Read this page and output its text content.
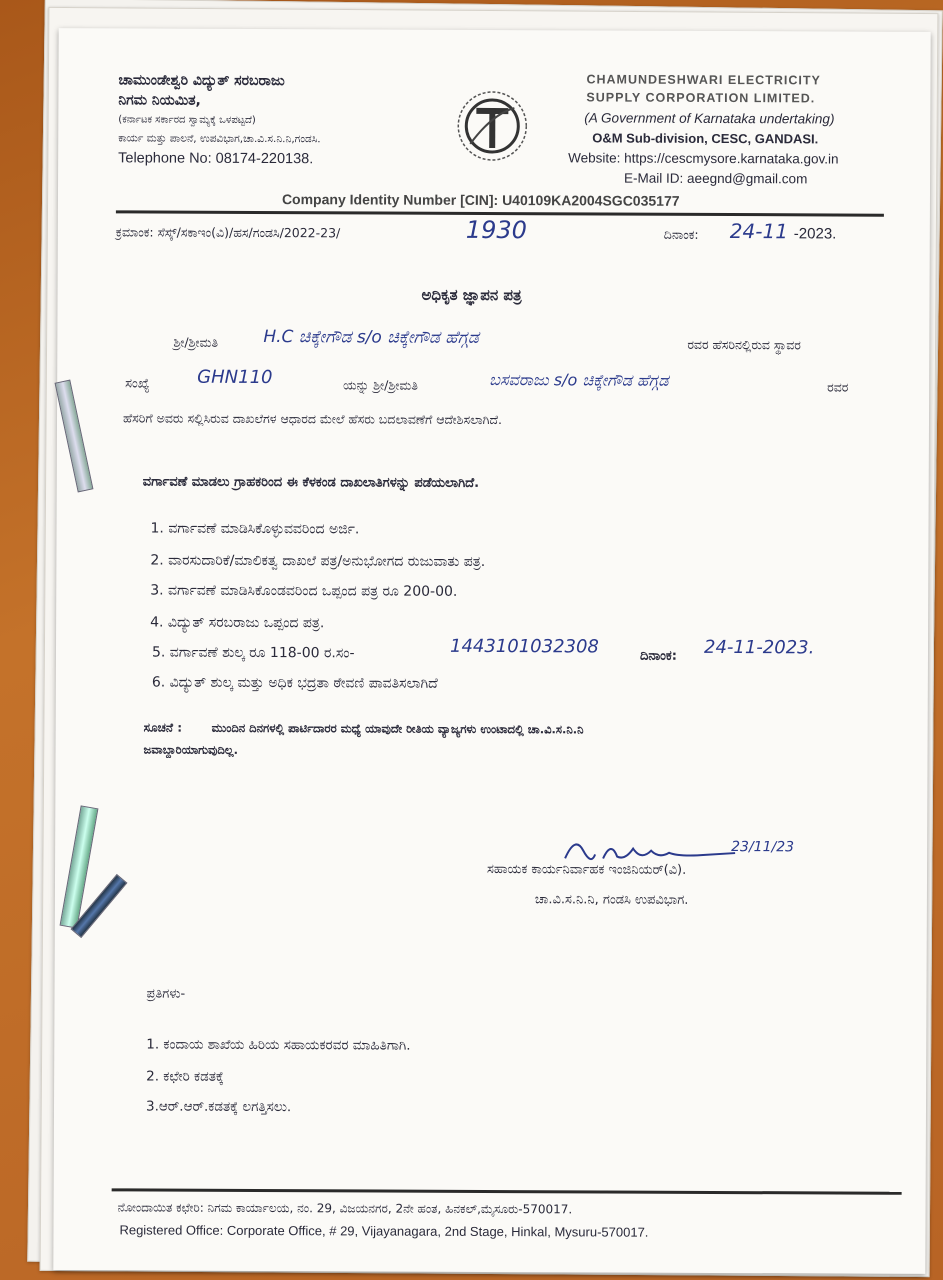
ಚಾಮುಂಡೇಶ್ವರಿ ವಿದ್ಯುತ್ ಸರಬರಾಜು
ನಿಗಮ ನಿಯಮಿತ,
(ಕರ್ನಾಟಕ ಸರ್ಕಾರದ ಸ್ವಾಮ್ಯಕ್ಕೆ ಒಳಪಟ್ಟದೆ)
ಕಾರ್ಯ ಮತ್ತು ಪಾಲನೆ, ಉಪವಿಭಾಗ,ಚಾ.ವಿ.ಸ.ನಿ.ನಿ,ಗಂಡಸಿ.
Telephone No: 08174-220138.
CHAMUNDESHWARI ELECTRICITY
SUPPLY CORPORATION LIMITED.
(A Government of Karnataka undertaking)
O&M Sub-division, CESC, GANDASI.
Website: https://cescmysore.karnataka.gov.in
E-Mail ID: aeegnd@gmail.com
Company Identity Number [CIN]: U40109KA2004SGC035177
ಕ್ರಮಾಂಕ: ಸೆಸ್ಕ್/ಸಕಾಇಂ(ವಿ)/ಹಸ/ಗಂಡಸಿ/2022-23/	1930	ದಿನಾಂಕ: 24-11 -2023.
ಅಧಿಕೃತ ಜ್ಞಾಪನ ಪತ್ರ
ಶ್ರೀ/ಶ್ರೀಮತಿ	H.C ಚಿಕ್ಕೇಗೌಡ s/o ಚಿಕ್ಕೇಗೌಡ ಹೆಗ್ಗಡ	ರವರ ಹೆಸರಿನಲ್ಲಿರುವ ಸ್ಥಾವರ
ಸಂಖ್ಯೆ	GHN110	ಯನ್ನು ಶ್ರೀ/ಶ್ರೀಮತಿ	ಬಸವರಾಜು s/o ಚಿಕ್ಕೇಗೌಡ ಹೆಗ್ಗಡ	ರವರ
ಹೆಸರಿಗೆ ಅವರು ಸಲ್ಲಿಸಿರುವ ದಾಖಲೆಗಳ ಆಧಾರದ ಮೇಲೆ ಹೆಸರು ಬದಲಾವಣೆಗೆ ಆದೇಶಿಸಲಾಗಿದೆ.
ವರ್ಗಾವಣೆ ಮಾಡಲು ಗ್ರಾಹಕರಿಂದ ಈ ಕೆಳಕಂಡ ದಾಖಲಾತಿಗಳನ್ನು ಪಡೆಯಲಾಗಿದೆ.
1. ವರ್ಗಾವಣೆ ಮಾಡಿಸಿಕೊಳ್ಳುವವರಿಂದ ಅರ್ಜಿ.
2. ವಾರಸುದಾರಿಕೆ/ಮಾಲಿಕತ್ವ ದಾಖಲೆ ಪತ್ರ/ಅನುಭೋಗದ ರುಜುವಾತು ಪತ್ರ.
3. ವರ್ಗಾವಣೆ ಮಾಡಿಸಿಕೊಂಡವರಿಂದ ಒಪ್ಪಂದ ಪತ್ರ ರೂ 200-00.
4. ವಿದ್ಯುತ್ ಸರಬರಾಜು ಒಪ್ಪಂದ ಪತ್ರ.
5. ವರ್ಗಾವಣೆ ಶುಲ್ಕ ರೂ 118-00 ರ.ಸಂ-	1443101032308	ದಿನಾಂಕ: 24-11-2023.
6. ವಿದ್ಯುತ್ ಶುಲ್ಕ ಮತ್ತು ಅಧಿಕ ಭದ್ರತಾ ಠೇವಣಿ ಪಾವತಿಸಲಾಗಿದೆ
ಸೂಚನೆ :	ಮುಂದಿನ ದಿನಗಳಲ್ಲಿ ಪಾರ್ಟಿದಾರರ ಮಧ್ಯೆ ಯಾವುದೇ ರೀತಿಯ ವ್ಯಾಜ್ಯಗಳು ಉಂಟಾದಲ್ಲಿ ಚಾ.ವಿ.ಸ.ನಿ.ನಿ
ಜವಾಬ್ದಾರಿಯಾಗುವುದಿಲ್ಲ.
23/11/23
ಸಹಾಯಕ ಕಾರ್ಯನಿರ್ವಾಹಕ ಇಂಜಿನಿಯರ್(ವಿ).
ಚಾ.ವಿ.ಸ.ನಿ.ನಿ, ಗಂಡಸಿ ಉಪವಿಭಾಗ.
ಪ್ರತಿಗಳು-
1. ಕಂದಾಯ ಶಾಖೆಯ ಹಿರಿಯ ಸಹಾಯಕರವರ ಮಾಹಿತಿಗಾಗಿ.
2. ಕಛೇರಿ ಕಡತಕ್ಕೆ
3.ಆರ್.ಆರ್.ಕಡತಕ್ಕೆ ಲಗತ್ತಿಸಲು.
ನೋಂದಾಯಿತ ಕಛೇರಿ: ನಿಗಮ ಕಾರ್ಯಾಲಯ, ನಂ. 29, ವಿಜಯನಗರ, 2ನೇ ಹಂತ, ಹಿನಕಲ್,ಮೈಸೂರು-570017.
Registered Office: Corporate Office, # 29, Vijayanagara, 2nd Stage, Hinkal, Mysuru-570017.
